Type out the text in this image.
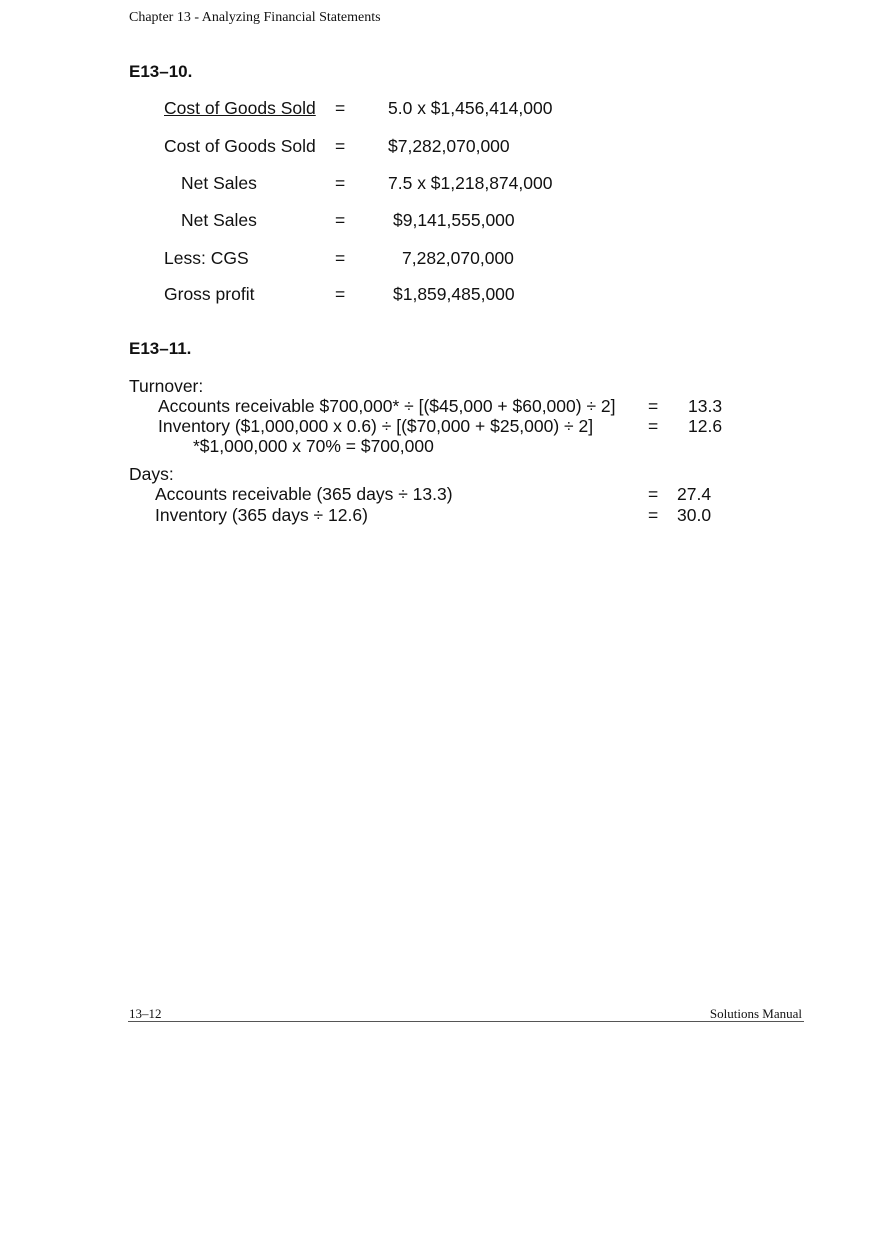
Chapter 13 - Analyzing Financial Statements
E13–10.
Cost of Goods Sold = 5.0 x $1,456,414,000
Cost of Goods Sold = $7,282,070,000
Net Sales	= 7.5 x $1,218,874,000
Net Sales	=	$9,141,555,000
Less: CGS	=	7,282,070,000
Gross profit	=	$1,859,485,000
E13–11.
Turnover:
Accounts receivable $700,000* ÷ [($45,000 + $60,000) ÷ 2] = 13.3
Inventory ($1,000,000 x 0.6) ÷ [($70,000 + $25,000) ÷ 2]	= 12.6
*$1,000,000 x 70% = $700,000
Days:
Accounts receivable (365 days ÷ 13.3)	= 27.4
Inventory (365 days ÷ 12.6)	= 30.0
13–12	Solutions Manual
